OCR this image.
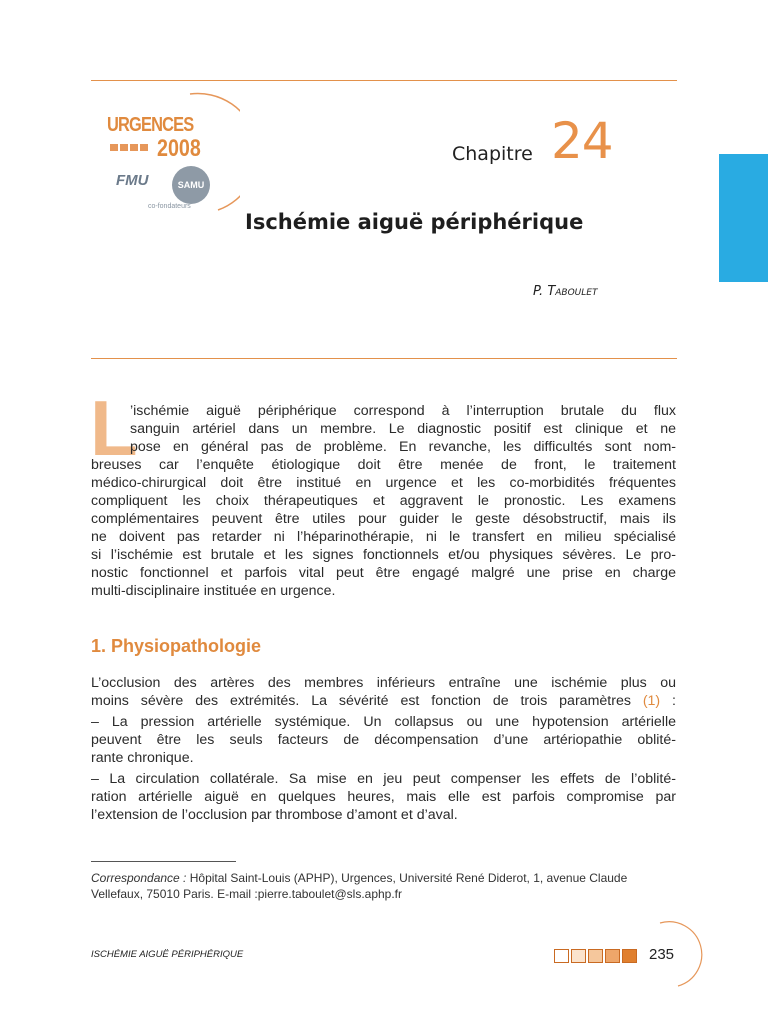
URGENCES
2008
FMU	SAMU
co-fondateurs
Chapitre 24
Ischémie aiguë périphérique
P. Taboulet
L
’ischémie aiguë périphérique correspond à l’interruption brutale du flux
sanguin artériel dans un membre. Le diagnostic positif est clinique et ne
pose en général pas de problème. En revanche, les difficultés sont nom-
breuses car l’enquête étiologique doit être menée de front, le traitement
médico-chirurgical doit être institué en urgence et les co-morbidités fréquentes
compliquent les choix thérapeutiques et aggravent le pronostic. Les examens
complémentaires peuvent être utiles pour guider le geste désobstructif, mais ils
ne doivent pas retarder ni l’héparinothérapie, ni le transfert en milieu spécialisé
si l’ischémie est brutale et les signes fonctionnels et/ou physiques sévères. Le pro-
nostic fonctionnel et parfois vital peut être engagé malgré une prise en charge
multi-disciplinaire instituée en urgence.
1. Physiopathologie
L’occlusion des artères des membres inférieurs entraîne une ischémie plus ou
moins sévère des extrémités. La sévérité est fonction de trois paramètres (1) :
– La pression artérielle systémique. Un collapsus ou une hypotension artérielle
peuvent être les seuls facteurs de décompensation d’une artériopathie oblité-
rante chronique.
– La circulation collatérale. Sa mise en jeu peut compenser les effets de l’oblité-
ration artérielle aiguë en quelques heures, mais elle est parfois compromise par
l’extension de l’occlusion par thrombose d’amont et d’aval.
Correspondance : Hôpital Saint-Louis (APHP), Urgences, Université René Diderot, 1, avenue Claude
Vellefaux, 75010 Paris. E-mail :pierre.taboulet@sls.aphp.fr
ISCHÉMIE AIGUË PÉRIPHÉRIQUE	235
